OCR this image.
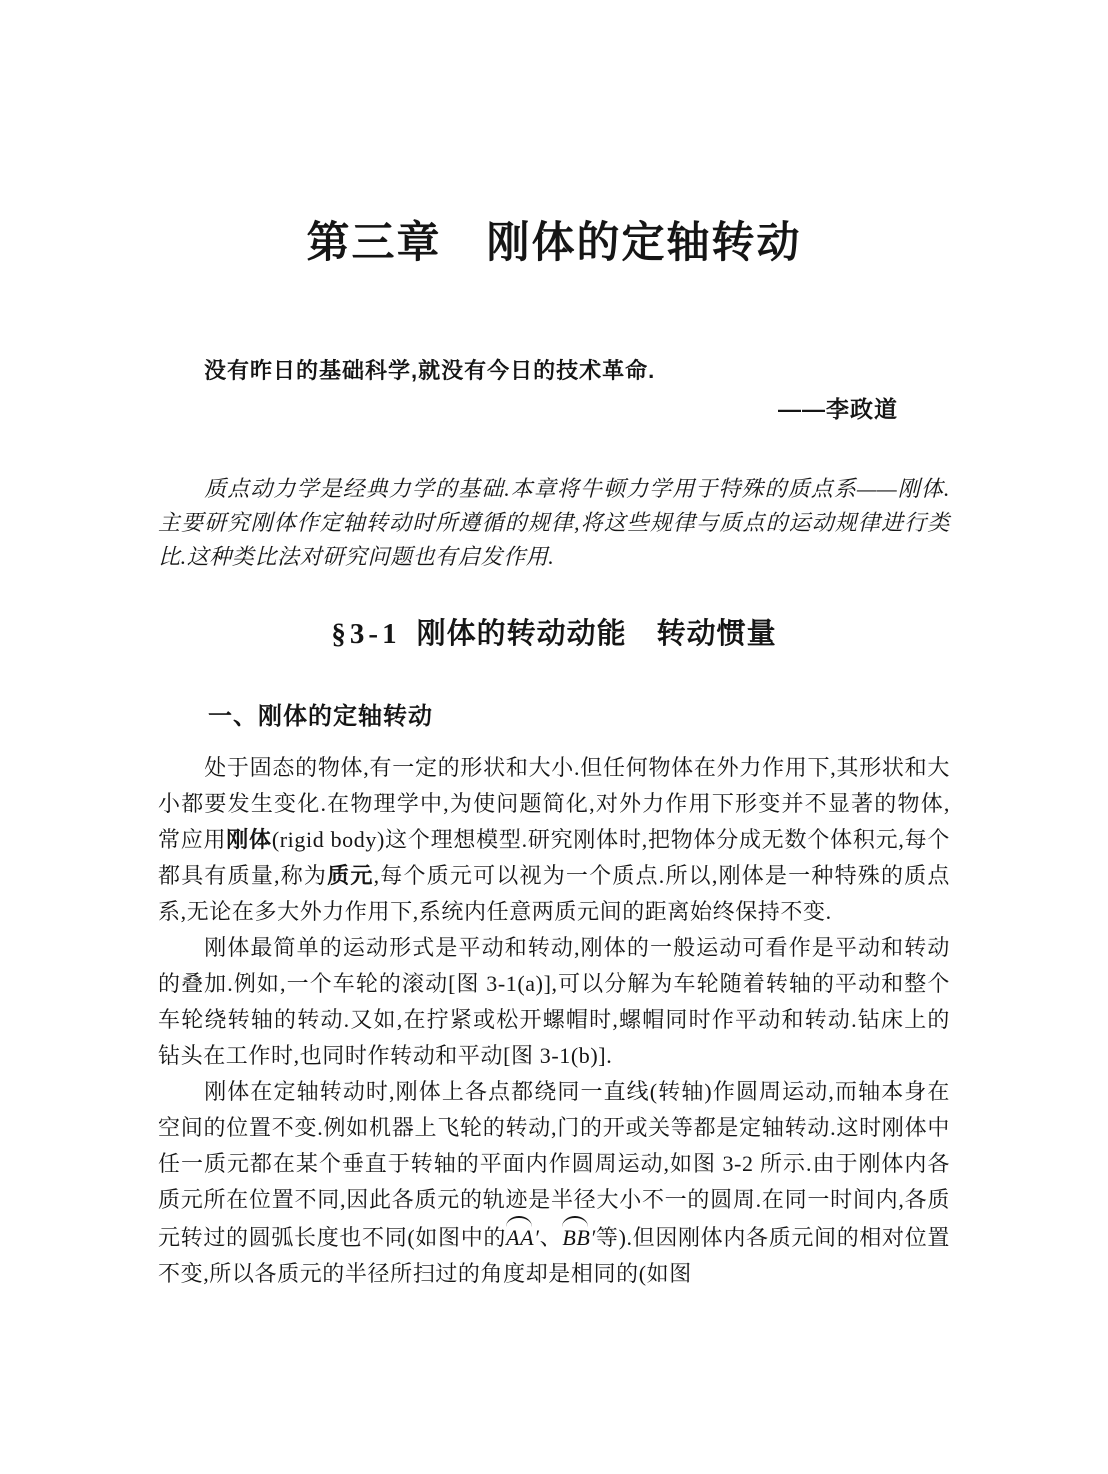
第三章　刚体的定轴转动

没有昨日的基础科学,就没有今日的技术革命.

——李政道

质点动力学是经典力学的基础.本章将牛顿力学用于特殊的质点系——刚体.主要研究刚体作定轴转动时所遵循的规律,将这些规律与质点的运动规律进行类比.这种类比法对研究问题也有启发作用.

§3-1 刚体的转动动能　转动惯量
一、刚体的定轴转动

处于固态的物体,有一定的形状和大小.但任何物体在外力作用下,其形状和大小都要发生变化.在物理学中,为使问题简化,对外力作用下形变并不显著的物体,常应用刚体(rigid body)这个理想模型.研究刚体时,把物体分成无数个体积元,每个都具有质量,称为质元,每个质元可以视为一个质点.所以,刚体是一种特殊的质点系,无论在多大外力作用下,系统内任意两质元间的距离始终保持不变.

刚体最简单的运动形式是平动和转动,刚体的一般运动可看作是平动和转动的叠加.例如,一个车轮的滚动[图 3-1(a)],可以分解为车轮随着转轴的平动和整个车轮绕转轴的转动.又如,在拧紧或松开螺帽时,螺帽同时作平动和转动.钻床上的钻头在工作时,也同时作转动和平动[图 3-1(b)].

刚体在定轴转动时,刚体上各点都绕同一直线(转轴)作圆周运动,而轴本身在空间的位置不变.例如机器上飞轮的转动,门的开或关等都是定轴转动.这时刚体中任一质元都在某个垂直于转轴的平面内作圆周运动,如图 3-2 所示.由于刚体内各质元所在位置不同,因此各质元的轨迹是半径大小不一的圆周.在同一时间内,各质元转过的圆弧长度也不同(如图中的AA′、BB′等).但因刚体内各质元间的相对位置不变,所以各质元的半径所扫过的角度却是相同的(如图
